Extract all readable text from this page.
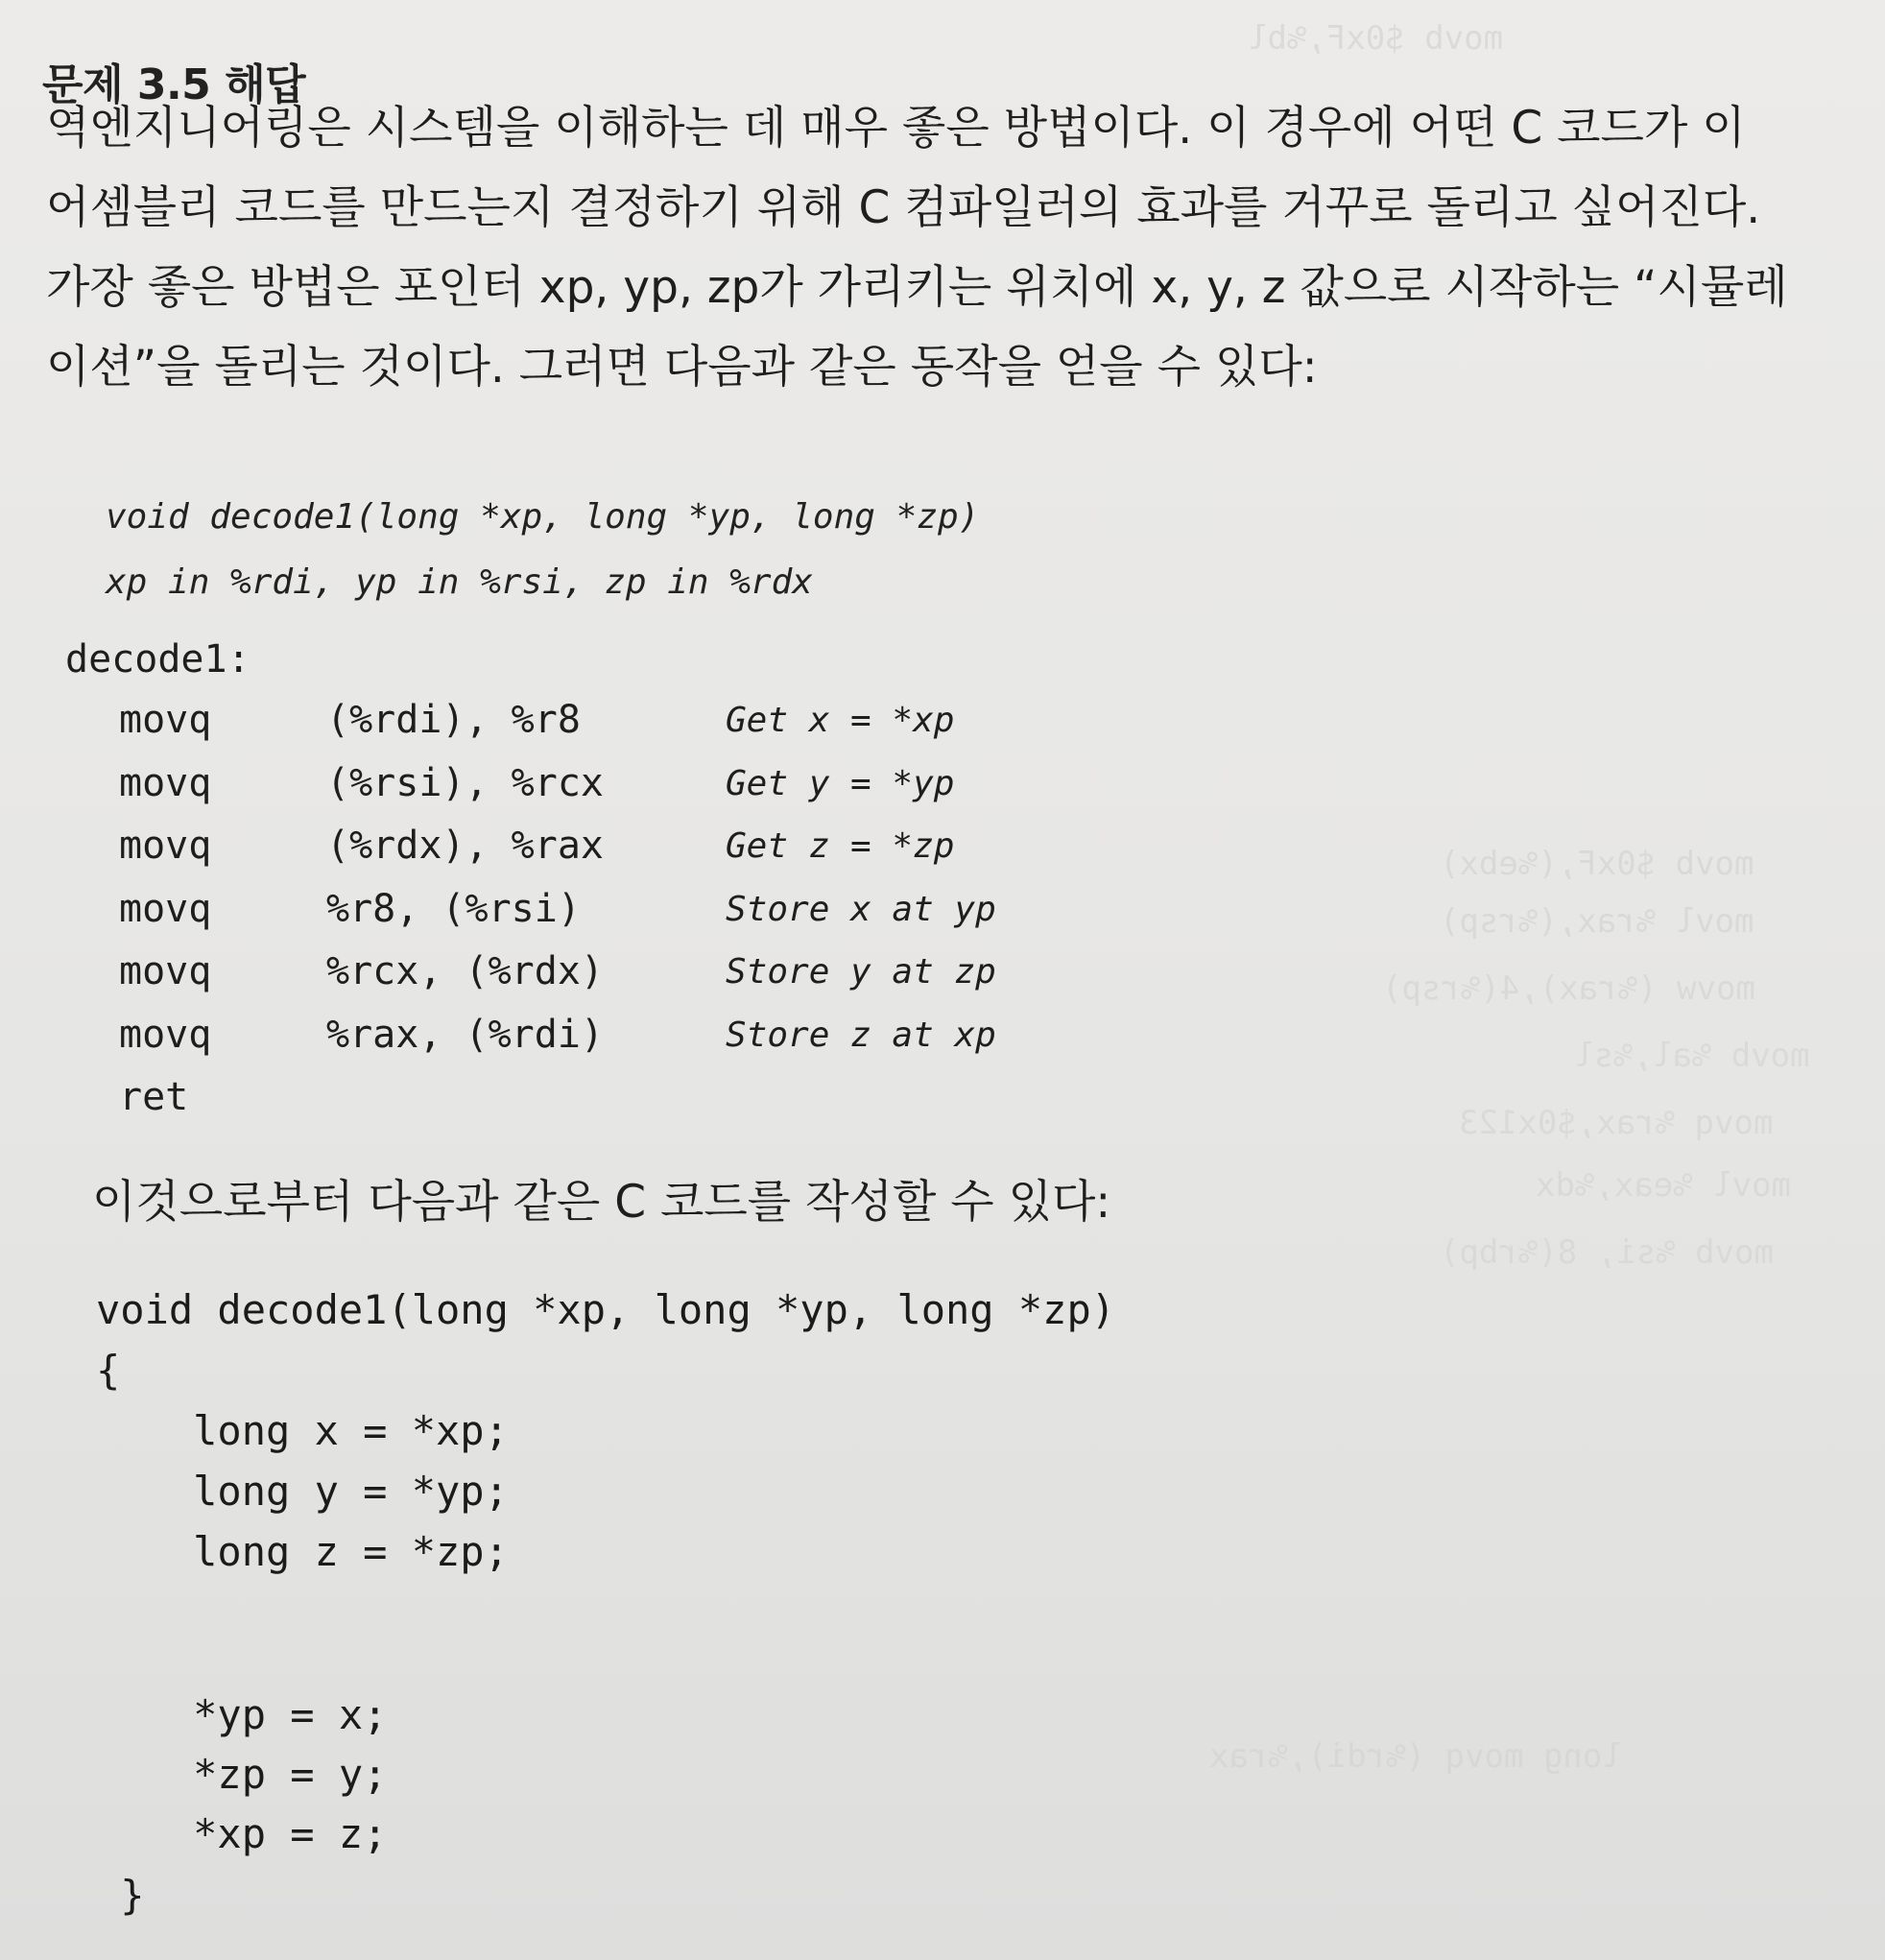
movb $0xF,%bl
movb $0xF,(%ebx)
movl %rax,(%rsp)
movw (%rax),4(%rsp)
movb %al,%sl
movq %rax,$0x123
movl %eax,%dx
movb %si, 8(%rbp)
long movq (%rdi),%rax
문제 3.5 해답
역엔지니어링은 시스템을 이해하는 데 매우 좋은 방법이다. 이 경우에 어떤 C 코드가 이
어셈블리 코드를 만드는지 결정하기 위해 C 컴파일러의 효과를 거꾸로 돌리고 싶어진다.
가장 좋은 방법은 포인터 xp, yp, zp가 가리키는 위치에 x, y, z 값으로 시작하는 “시뮬레
이션”을 돌리는 것이다. 그러면 다음과 같은 동작을 얻을 수 있다:
void decode1(long *xp, long *yp, long *zp)
xp in %rdi, yp in %rsi, zp in %rdx
decode1:
movq	(%rdi), %r8	Get x = *xp
movq	(%rsi), %rcx	Get y = *yp
movq	(%rdx), %rax	Get z = *zp
movq	%r8, (%rsi)	Store x at yp
movq	%rcx, (%rdx)	Store y at zp
movq	%rax, (%rdi)	Store z at xp
ret
이것으로부터 다음과 같은 C 코드를 작성할 수 있다:
void decode1(long *xp, long *yp, long *zp)
{
long x = *xp;
long y = *yp;
long z = *zp;
*yp = x;
*zp = y;
*xp = z;
}
